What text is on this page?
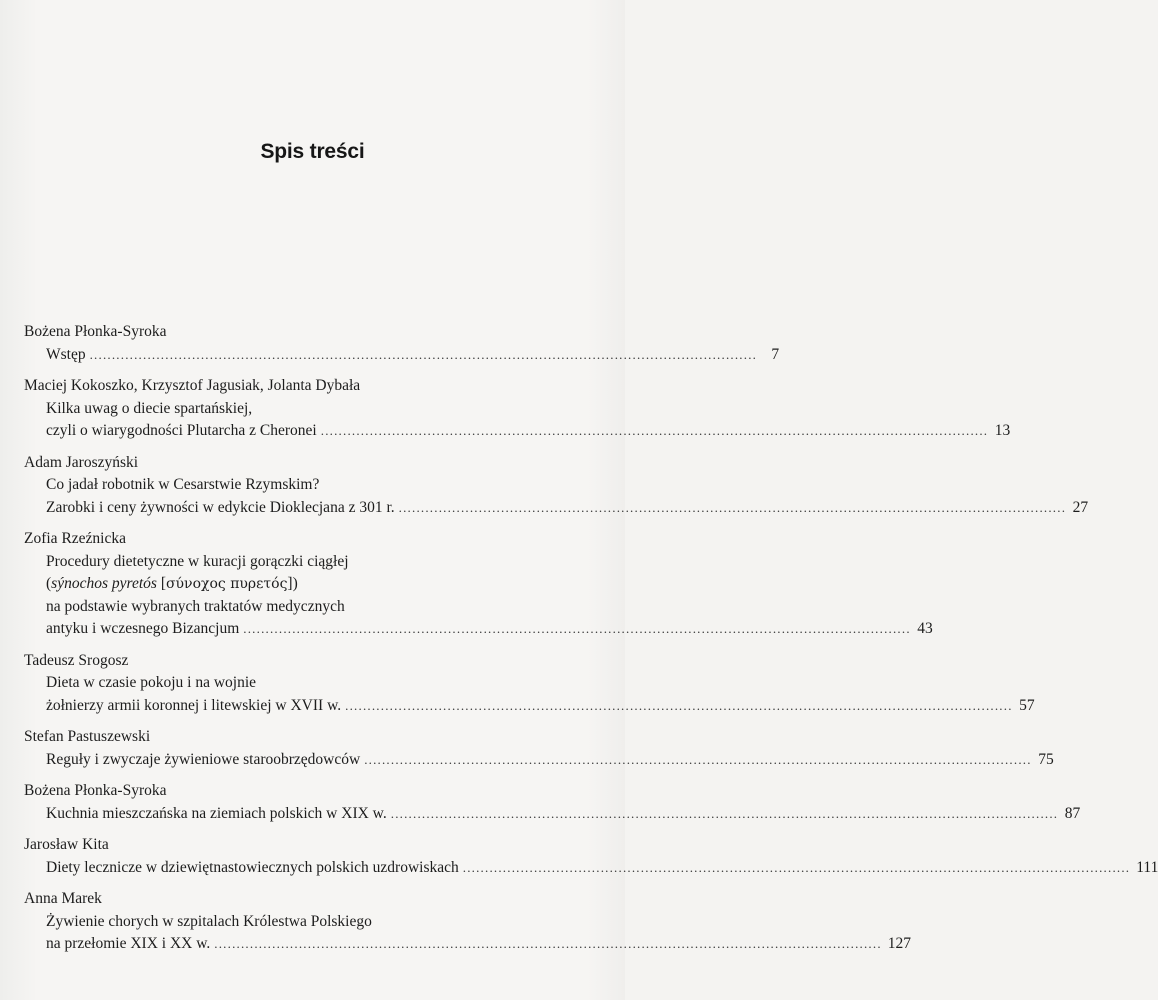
Spis treści
Bożena Płonka-Syroka
Wstęp ...................................................................................................................................................... 7
Maciej Kokoszko, Krzysztof Jagusiak, Jolanta Dybała
Kilka uwag o diecie spartańskiej,
czyli o wiarygodności Plutarcha z Cheronei ...................................................................................................................................................... 13
Adam Jaroszyński
Co jadał robotnik w Cesarstwie Rzymskim?
Zarobki i ceny żywności w edykcie Dioklecjana z 301 r. ...................................................................................................................................................... 27
Zofia Rzeźnicka
Procedury dietetyczne w kuracji gorączki ciągłej
(sýnochos pyretós [σύνοχος πυρετός])
na podstawie wybranych traktatów medycznych
antyku i wczesnego Bizancjum ...................................................................................................................................................... 43
Tadeusz Srogosz
Dieta w czasie pokoju i na wojnie
żołnierzy armii koronnej i litewskiej w XVII w. ...................................................................................................................................................... 57
Stefan Pastuszewski
Reguły i zwyczaje żywieniowe staroobrzędowców ...................................................................................................................................................... 75
Bożena Płonka-Syroka
Kuchnia mieszczańska na ziemiach polskich w XIX w. ...................................................................................................................................................... 87
Jarosław Kita
Diety lecznicze w dziewiętnastowiecznych polskich uzdrowiskach ...................................................................................................................................................... 111
Anna Marek
Żywienie chorych w szpitalach Królestwa Polskiego
na przełomie XIX i XX w. ...................................................................................................................................................... 127
